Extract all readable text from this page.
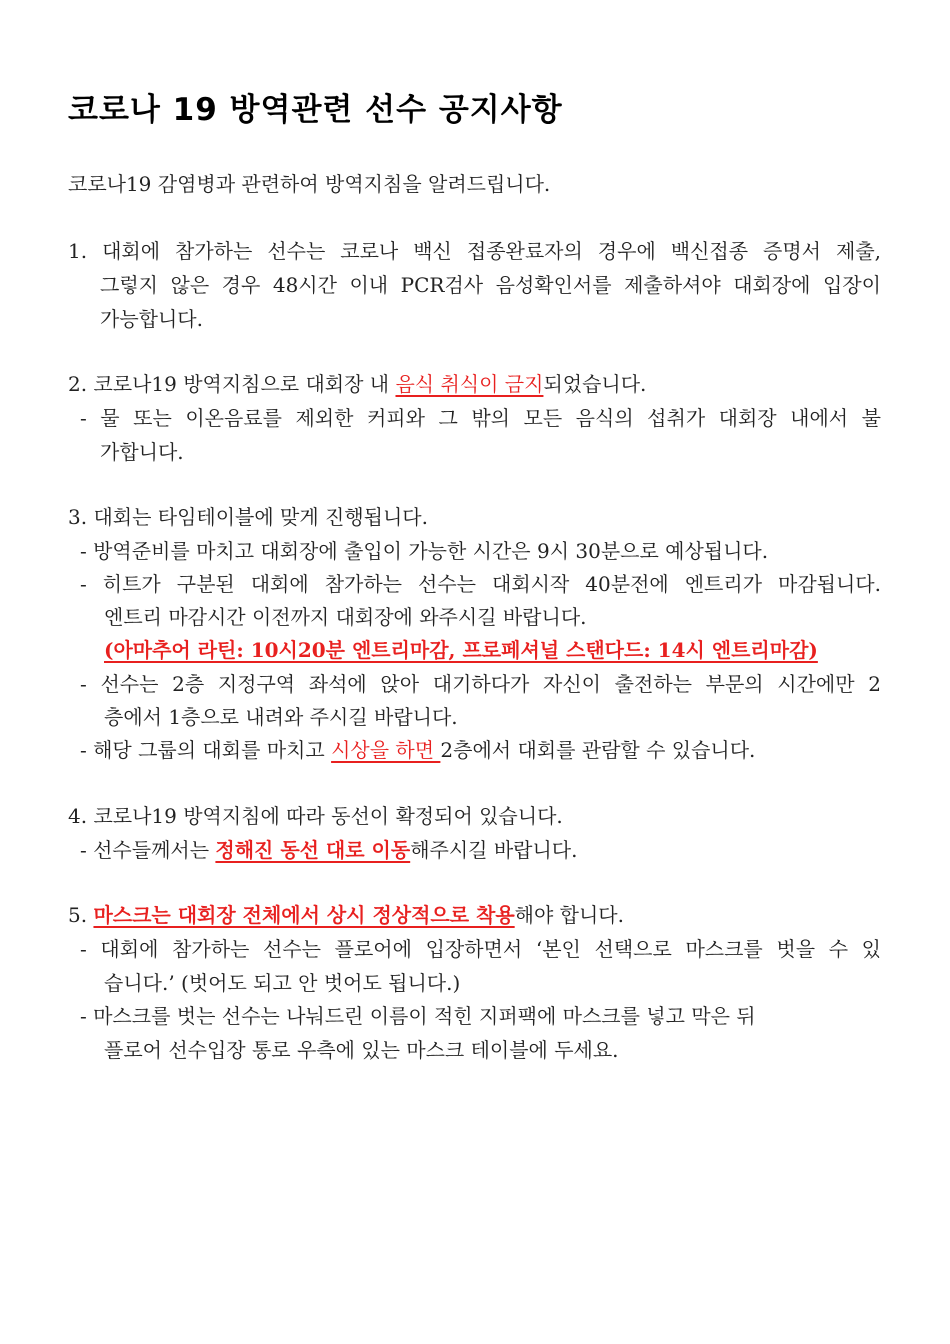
코로나 19 방역관련 선수 공지사항
코로나19 감염병과 관련하여 방역지침을 알려드립니다.
1. 대회에 참가하는 선수는 코로나 백신 접종완료자의 경우에 백신접종 증명서 제출,
그렇지 않은 경우 48시간 이내 PCR검사 음성확인서를 제출하셔야 대회장에 입장이
가능합니다.
2. 코로나19 방역지침으로 대회장 내 음식 취식이 금지되었습니다.
- 물 또는 이온음료를 제외한 커피와 그 밖의 모든 음식의 섭취가 대회장 내에서 불
가합니다.
3. 대회는 타임테이블에 맞게 진행됩니다.
- 방역준비를 마치고 대회장에 출입이 가능한 시간은 9시 30분으로 예상됩니다.
- 히트가 구분된 대회에 참가하는 선수는 대회시작 40분전에 엔트리가 마감됩니다.
엔트리 마감시간 이전까지 대회장에 와주시길 바랍니다.
(아마추어 라틴: 10시20분 엔트리마감, 프로페셔널 스탠다드: 14시 엔트리마감)
- 선수는 2층 지정구역 좌석에 앉아 대기하다가 자신이 출전하는 부문의 시간에만 2
층에서 1층으로 내려와 주시길 바랍니다.
- 해당 그룹의 대회를 마치고 시상을 하면 2층에서 대회를 관람할 수 있습니다.
4. 코로나19 방역지침에 따라 동선이 확정되어 있습니다.
- 선수들께서는 정해진 동선 대로 이동해주시길 바랍니다.
5. 마스크는 대회장 전체에서 상시 정상적으로 착용해야 합니다.
- 대회에 참가하는 선수는 플로어에 입장하면서 ‘본인 선택으로 마스크를 벗을 수 있
습니다.’ (벗어도 되고 안 벗어도 됩니다.)
- 마스크를 벗는 선수는 나눠드린 이름이 적힌 지퍼팩에 마스크를 넣고 막은 뒤
플로어 선수입장 통로 우측에 있는 마스크 테이블에 두세요.
